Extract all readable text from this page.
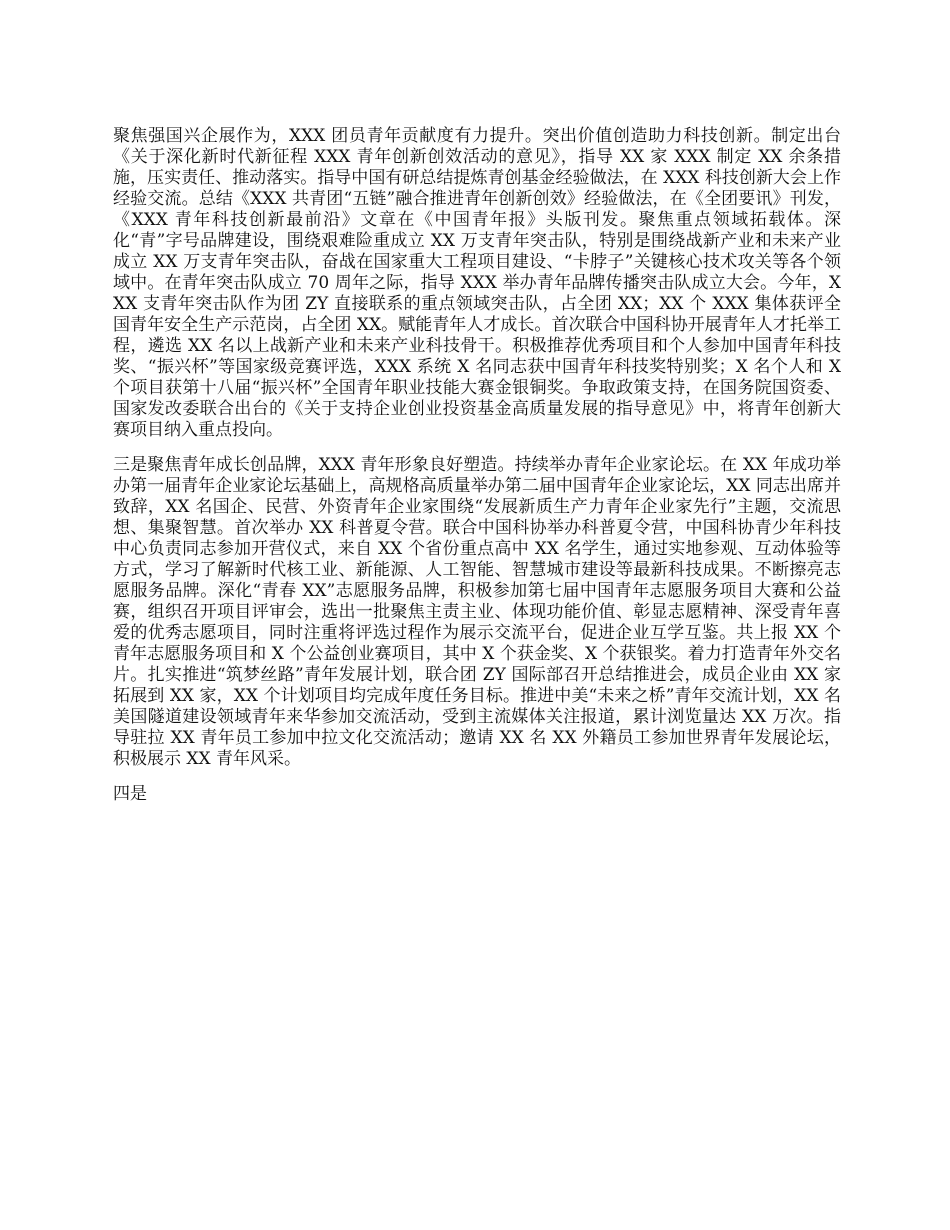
聚焦强国兴企展作为，XXX 团员青年贡献度有力提升。突出价值创造助力科技创新。制定出台《关于深化新时代新征程 XXX 青年创新创效活动的意见》，指导 XX 家 XXX 制定 XX 余条措施，压实责任、推动落实。指导中国有研总结提炼青创基金经验做法，在 XXX 科技创新大会上作经验交流。总结《XXX 共青团“五链”融合推进青年创新创效》经验做法，在《全团要讯》刊发，《XXX 青年科技创新最前沿》文章在《中国青年报》头版刊发。聚焦重点领域拓载体。深化“青”字号品牌建设，围绕艰难险重成立 XX 万支青年突击队，特别是围绕战新产业和未来产业成立 XX 万支青年突击队，奋战在国家重大工程项目建设、“卡脖子”关键核心技术攻关等各个领域中。在青年突击队成立 70 周年之际，指导 XXX 举办青年品牌传播突击队成立大会。今年，XXX 支青年突击队作为团 ZY 直接联系的重点领域突击队，占全团 XX；XX 个 XXX 集体获评全国青年安全生产示范岗，占全团 XX。赋能青年人才成长。首次联合中国科协开展青年人才托举工程，遴选 XX 名以上战新产业和未来产业科技骨干。积极推荐优秀项目和个人参加中国青年科技奖、“振兴杯”等国家级竞赛评选，XXX 系统 X 名同志获中国青年科技奖特别奖；X 名个人和 X 个项目获第十八届“振兴杯”全国青年职业技能大赛金银铜奖。争取政策支持，在国务院国资委、国家发改委联合出台的《关于支持企业创业投资基金高质量发展的指导意见》中，将青年创新大赛项目纳入重点投向。

三是聚焦青年成长创品牌，XXX 青年形象良好塑造。持续举办青年企业家论坛。在 XX 年成功举办第一届青年企业家论坛基础上，高规格高质量举办第二届中国青年企业家论坛，XX 同志出席并致辞，XX 名国企、民营、外资青年企业家围绕“发展新质生产力青年企业家先行”主题，交流思想、集聚智慧。首次举办 XX 科普夏令营。联合中国科协举办科普夏令营，中国科协青少年科技中心负责同志参加开营仪式，来自 XX 个省份重点高中 XX 名学生，通过实地参观、互动体验等方式，学习了解新时代核工业、新能源、人工智能、智慧城市建设等最新科技成果。不断擦亮志愿服务品牌。深化“青春 XX”志愿服务品牌，积极参加第七届中国青年志愿服务项目大赛和公益赛，组织召开项目评审会，选出一批聚焦主责主业、体现功能价值、彰显志愿精神、深受青年喜爱的优秀志愿项目，同时注重将评选过程作为展示交流平台，促进企业互学互鉴。共上报 XX 个青年志愿服务项目和 X 个公益创业赛项目，其中 X 个获金奖、X 个获银奖。着力打造青年外交名片。扎实推进“筑梦丝路”青年发展计划，联合团 ZY 国际部召开总结推进会，成员企业由 XX 家拓展到 XX 家，XX 个计划项目均完成年度任务目标。推进中美“未来之桥”青年交流计划，XX 名美国隧道建设领域青年来华参加交流活动，受到主流媒体关注报道，累计浏览量达 XX 万次。指导驻拉 XX 青年员工参加中拉文化交流活动；邀请 XX 名 XX 外籍员工参加世界青年发展论坛，积极展示 XX 青年风采。

四是
